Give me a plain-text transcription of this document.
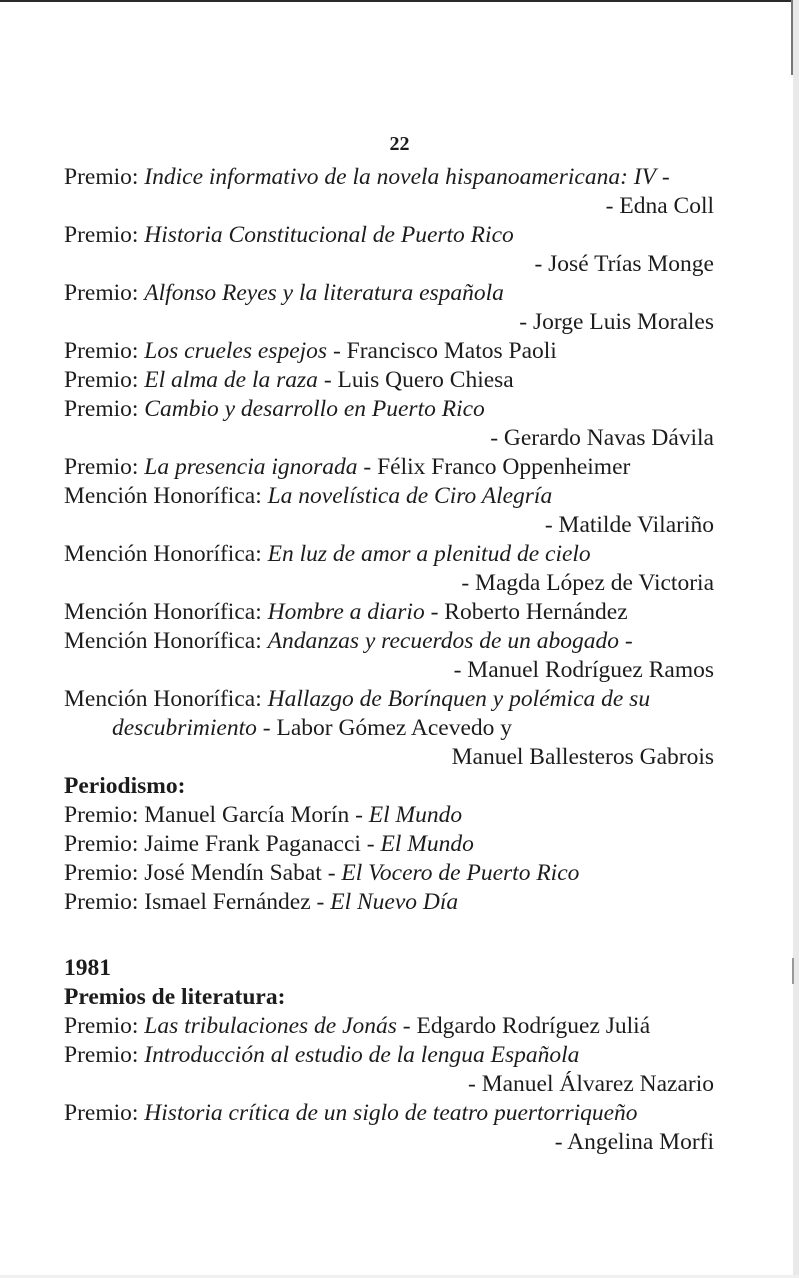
22
Premio: Indice informativo de la novela hispanoamericana: IV -
- Edna Coll
Premio: Historia Constitucional de Puerto Rico
- José Trías Monge
Premio: Alfonso Reyes y la literatura española
- Jorge Luis Morales
Premio: Los crueles espejos - Francisco Matos Paoli
Premio: El alma de la raza - Luis Quero Chiesa
Premio: Cambio y desarrollo en Puerto Rico
- Gerardo Navas Dávila
Premio: La presencia ignorada - Félix Franco Oppenheimer
Mención Honorífica: La novelística de Ciro Alegría
- Matilde Vilariño
Mención Honorífica: En luz de amor a plenitud de cielo
- Magda López de Victoria
Mención Honorífica: Hombre a diario - Roberto Hernández
Mención Honorífica: Andanzas y recuerdos de un abogado -
- Manuel Rodríguez Ramos
Mención Honorífica: Hallazgo de Borínquen y polémica de su
descubrimiento - Labor Gómez Acevedo y
Manuel Ballesteros Gabrois
Periodismo:
Premio: Manuel García Morín - El Mundo
Premio: Jaime Frank Paganacci - El Mundo
Premio: José Mendín Sabat - El Vocero de Puerto Rico
Premio: Ismael Fernández - El Nuevo Día
1981
Premios de literatura:
Premio: Las tribulaciones de Jonás - Edgardo Rodríguez Juliá
Premio: Introducción al estudio de la lengua Española
- Manuel Álvarez Nazario
Premio: Historia crítica de un siglo de teatro puertorriqueño
- Angelina Morfi
